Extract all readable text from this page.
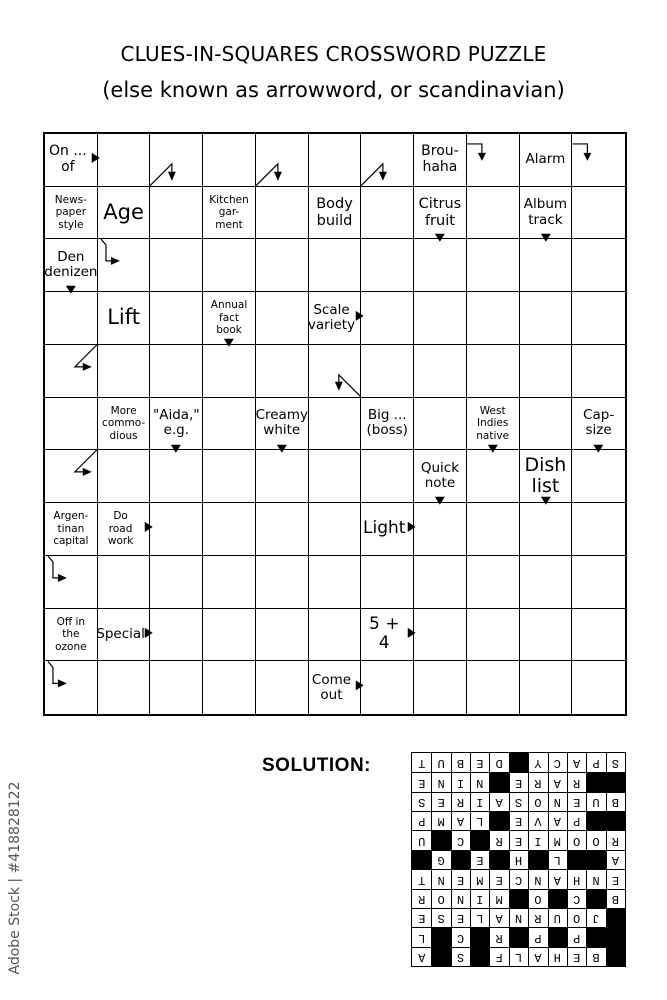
CLUES-IN-SQUARES CROSSWORD PUZZLE
(else known as arrowword, or scandinavian)
On ...
of
Brou-
haha	Alarm
News-
paper
style
Age
Kitchen
gar-
ment
Body
build
Citrus
fruit
Album
track
Den
denizen
Lift
Annual
fact
book
Scale
variety
More
commo-
dious
"Aida,"
e.g.
Creamy
white
Big ...
(boss)
West
Indies
native
Cap-
size
Quick
note
Dish
list
Argen-
tinan
capital
Do
road
work
Light
Off in
the
ozone
Special	5 + 4
Come
out
SOLUTION:
#BEHALF#S#A
##P#P#R#C#L
#JOURNALESE
B#C#O#MINOR
ENHANCEMENT
A##L#H#E#G#
ROOMIER#C#U
##PAVE#LAMP
BUENOSAIRES
##RARE#NINE
SPACY#DEBUT
Adobe Stock | #418828122
